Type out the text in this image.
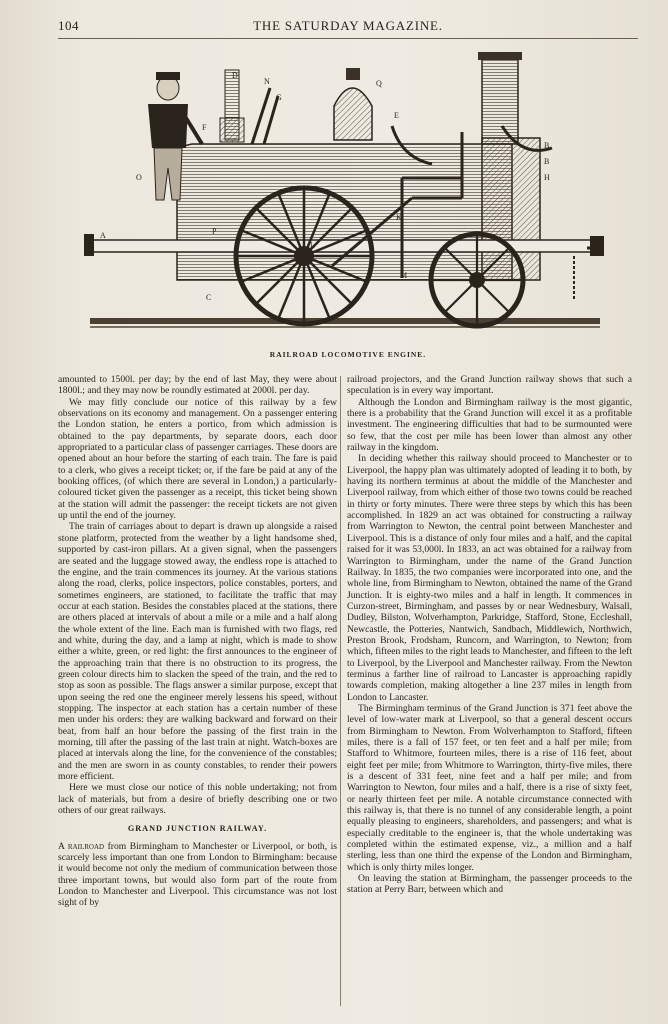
104	THE SATURDAY MAGAZINE.
D
N
G
Q
F
E
B
O
P
A
L
K
M
H
B
C
RAILROAD LOCOMOTIVE ENGINE.

amounted to 1500l. per day; by the end of last May, they were about 1800l.; and they may now be roundly estimated at 2000l. per day.

We may fitly conclude our notice of this railway by a few observations on its economy and management. On a passenger entering the London station, he enters a portico, from which admission is obtained to the pay departments, by separate doors, each door appropriated to a particular class of passenger carriages. These doors are opened about an hour before the starting of each train. The fare is paid to a clerk, who gives a receipt ticket; or, if the fare be paid at any of the booking offices, (of which there are several in London,) a particularly-coloured ticket given the passenger as a receipt, this ticket being shown at the station will admit the passenger: the receipt tickets are not given up until the end of the journey.

The train of carriages about to depart is drawn up alongside a raised stone platform, protected from the weather by a light handsome shed, supported by cast-iron pillars. At a given signal, when the passengers are seated and the luggage stowed away, the endless rope is attached to the engine, and the train commences its journey. At the various stations along the road, clerks, police inspectors, police constables, porters, and sometimes engineers, are stationed, to facilitate the traffic that may occur at each station. Besides the constables placed at the stations, there are others placed at intervals of about a mile or a mile and a half along the whole extent of the line. Each man is furnished with two flags, red and white, during the day, and a lamp at night, which is made to show either a white, green, or red light: the first announces to the engineer of the approaching train that there is no obstruction to its progress, the green colour directs him to slacken the speed of the train, and the red to stop as soon as possible. The flags answer a similar purpose, except that upon seeing the red one the engineer merely lessens his speed, without stopping. The inspector at each station has a certain number of these men under his orders: they are walking backward and forward on their beat, from half an hour before the passing of the first train in the morning, till after the passing of the last train at night. Watch-boxes are placed at intervals along the line, for the convenience of the constables; and the men are sworn in as county constables, to render their powers more efficient.

Here we must close our notice of this noble undertaking; not from lack of materials, but from a desire of briefly describing one or two others of our great railways.

GRAND JUNCTION RAILWAY.

A railroad from Birmingham to Manchester or Liverpool, or both, is scarcely less important than one from London to Birmingham: because it would become not only the medium of communication between those three important towns, but would also form part of the route from London to Manchester and Liverpool. This circumstance was not lost sight of by

railroad projectors, and the Grand Junction railway shows that such a speculation is in every way important.

Although the London and Birmingham railway is the most gigantic, there is a probability that the Grand Junction will excel it as a profitable investment. The engineering difficulties that had to be surmounted were so few, that the cost per mile has been lower than almost any other railway in the kingdom.

In deciding whether this railway should proceed to Manchester or to Liverpool, the happy plan was ultimately adopted of leading it to both, by having its northern terminus at about the middle of the Manchester and Liverpool railway, from which either of those two towns could be reached in thirty or forty minutes. There were three steps by which this has been accomplished. In 1829 an act was obtained for constructing a railway from Warrington to Newton, the central point between Manchester and Liverpool. This is a distance of only four miles and a half, and the capital raised for it was 53,000l. In 1833, an act was obtained for a railway from Warrington to Birmingham, under the name of the Grand Junction Railway. In 1835, the two companies were incorporated into one, and the whole line, from Birmingham to Newton, obtained the name of the Grand Junction. It is eighty-two miles and a half in length. It commences in Curzon-street, Birmingham, and passes by or near Wednesbury, Walsall, Dudley, Bilston, Wolverhampton, Parkridge, Stafford, Stone, Eccleshall, Newcastle, the Potteries, Nantwich, Sandbach, Middlewich, Northwich, Preston Brook, Frodsham, Runcorn, and Warrington, to Newton; from which, fifteen miles to the right leads to Manchester, and fifteen to the left to Liverpool, by the Liverpool and Manchester railway. From the Newton terminus a farther line of railroad to Lancaster is approaching rapidly towards completion, making altogether a line 237 miles in length from London to Lancaster.

The Birmingham terminus of the Grand Junction is 371 feet above the level of low-water mark at Liverpool, so that a general descent occurs from Birmingham to Newton. From Wolverhampton to Stafford, fifteen miles, there is a fall of 157 feet, or ten feet and a half per mile; from Stafford to Whitmore, fourteen miles, there is a rise of 116 feet, about eight feet per mile; from Whitmore to Warrington, thirty-five miles, there is a descent of 331 feet, nine feet and a half per mile; and from Warrington to Newton, four miles and a half, there is a rise of sixty feet, or nearly thirteen feet per mile. A notable circumstance connected with this railway is, that there is no tunnel of any considerable length, a point equally pleasing to engineers, shareholders, and passengers; and what is especially creditable to the engineer is, that the whole undertaking was completed within the estimated expense, viz., a million and a half sterling, less than one third the expense of the London and Birmingham, which is only thirty miles longer.

On leaving the station at Birmingham, the passenger proceeds to the station at Perry Barr, between which and
